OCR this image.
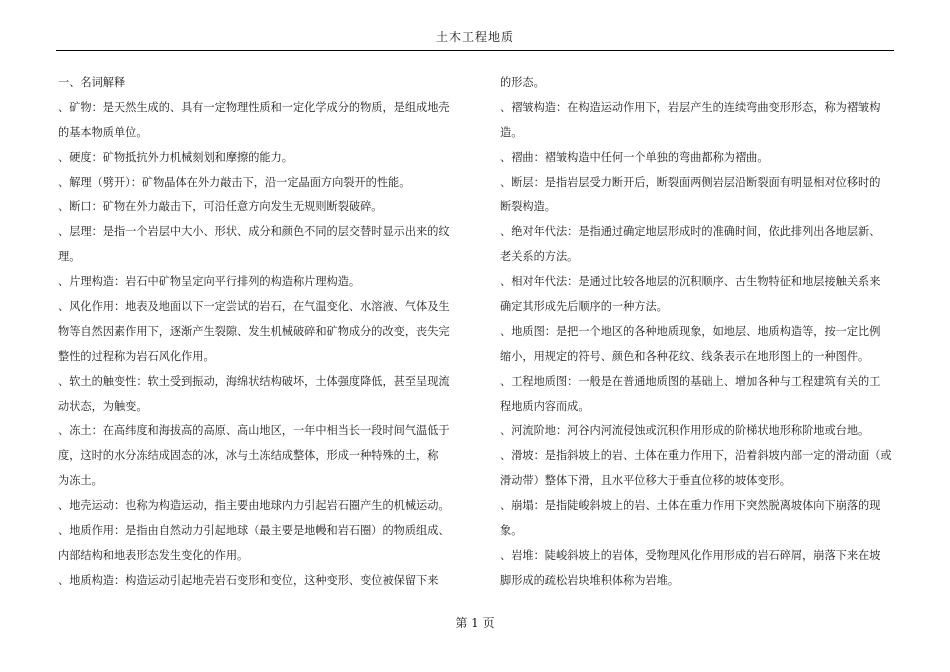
土木工程地质
一、名词解释
、矿物：是天然生成的、具有一定物理性质和一定化学成分的物质，是组成地壳
的基本物质单位。
、硬度：矿物抵抗外力机械刻划和摩擦的能力。
、解理（劈开）：矿物晶体在外力敲击下，沿一定晶面方向裂开的性能。
、断口：矿物在外力敲击下，可沿任意方向发生无规则断裂破碎。
、层理：是指一个岩层中大小、形状、成分和颜色不同的层交替时显示出来的纹
理。
、片理构造：岩石中矿物呈定向平行排列的构造称片理构造。
、风化作用：地表及地面以下一定尝试的岩石，在气温变化、水溶液、气体及生
物等自然因素作用下，逐渐产生裂隙、发生机械破碎和矿物成分的改变，丧失完
整性的过程称为岩石风化作用。
、软土的触变性：软土受到振动，海绵状结构破坏，土体强度降低，甚至呈现流
动状态，为触变。
、冻土：在高纬度和海拔高的高原、高山地区，一年中相当长一段时间气温低于
度，这时的水分冻结成固态的冰，冰与土冻结成整体，形成一种特殊的土，称
为冻土。
、地壳运动：也称为构造运动，指主要由地球内力引起岩石圈产生的机械运动。
、地质作用：是指由自然动力引起地球（最主要是地幔和岩石圈）的物质组成、
内部结构和地表形态发生变化的作用。
、地质构造：构造运动引起地壳岩石变形和变位，这种变形、变位被保留下来
的形态。
、褶皱构造：在构造运动作用下，岩层产生的连续弯曲变形形态，称为褶皱构
造。
、褶曲：褶皱构造中任何一个单独的弯曲都称为褶曲。
、断层：是指岩层受力断开后，断裂面两侧岩层沿断裂面有明显相对位移时的
断裂构造。
、绝对年代法：是指通过确定地层形成时的准确时间，依此排列出各地层新、
老关系的方法。
、相对年代法：是通过比较各地层的沉积顺序、古生物特征和地层接触关系来
确定其形成先后顺序的一种方法。
、地质图：是把一个地区的各种地质现象，如地层、地质构造等，按一定比例
缩小，用规定的符号、颜色和各种花纹、线条表示在地形图上的一种图件。
、工程地质图：一般是在普通地质图的基础上、增加各种与工程建筑有关的工
程地质内容而成。
、河流阶地：河谷内河流侵蚀或沉积作用形成的阶梯状地形称阶地或台地。
、滑坡：是指斜坡上的岩、土体在重力作用下，沿着斜坡内部一定的滑动面（或
滑动带）整体下滑，且水平位移大于垂直位移的坡体变形。
、崩塌：是指陡峻斜坡上的岩、土体在重力作用下突然脱离坡体向下崩落的现
象。
、岩堆：陡峻斜坡上的岩体，受物理风化作用形成的岩石碎屑，崩落下来在坡
脚形成的疏松岩块堆积体称为岩堆。
第 1 页
